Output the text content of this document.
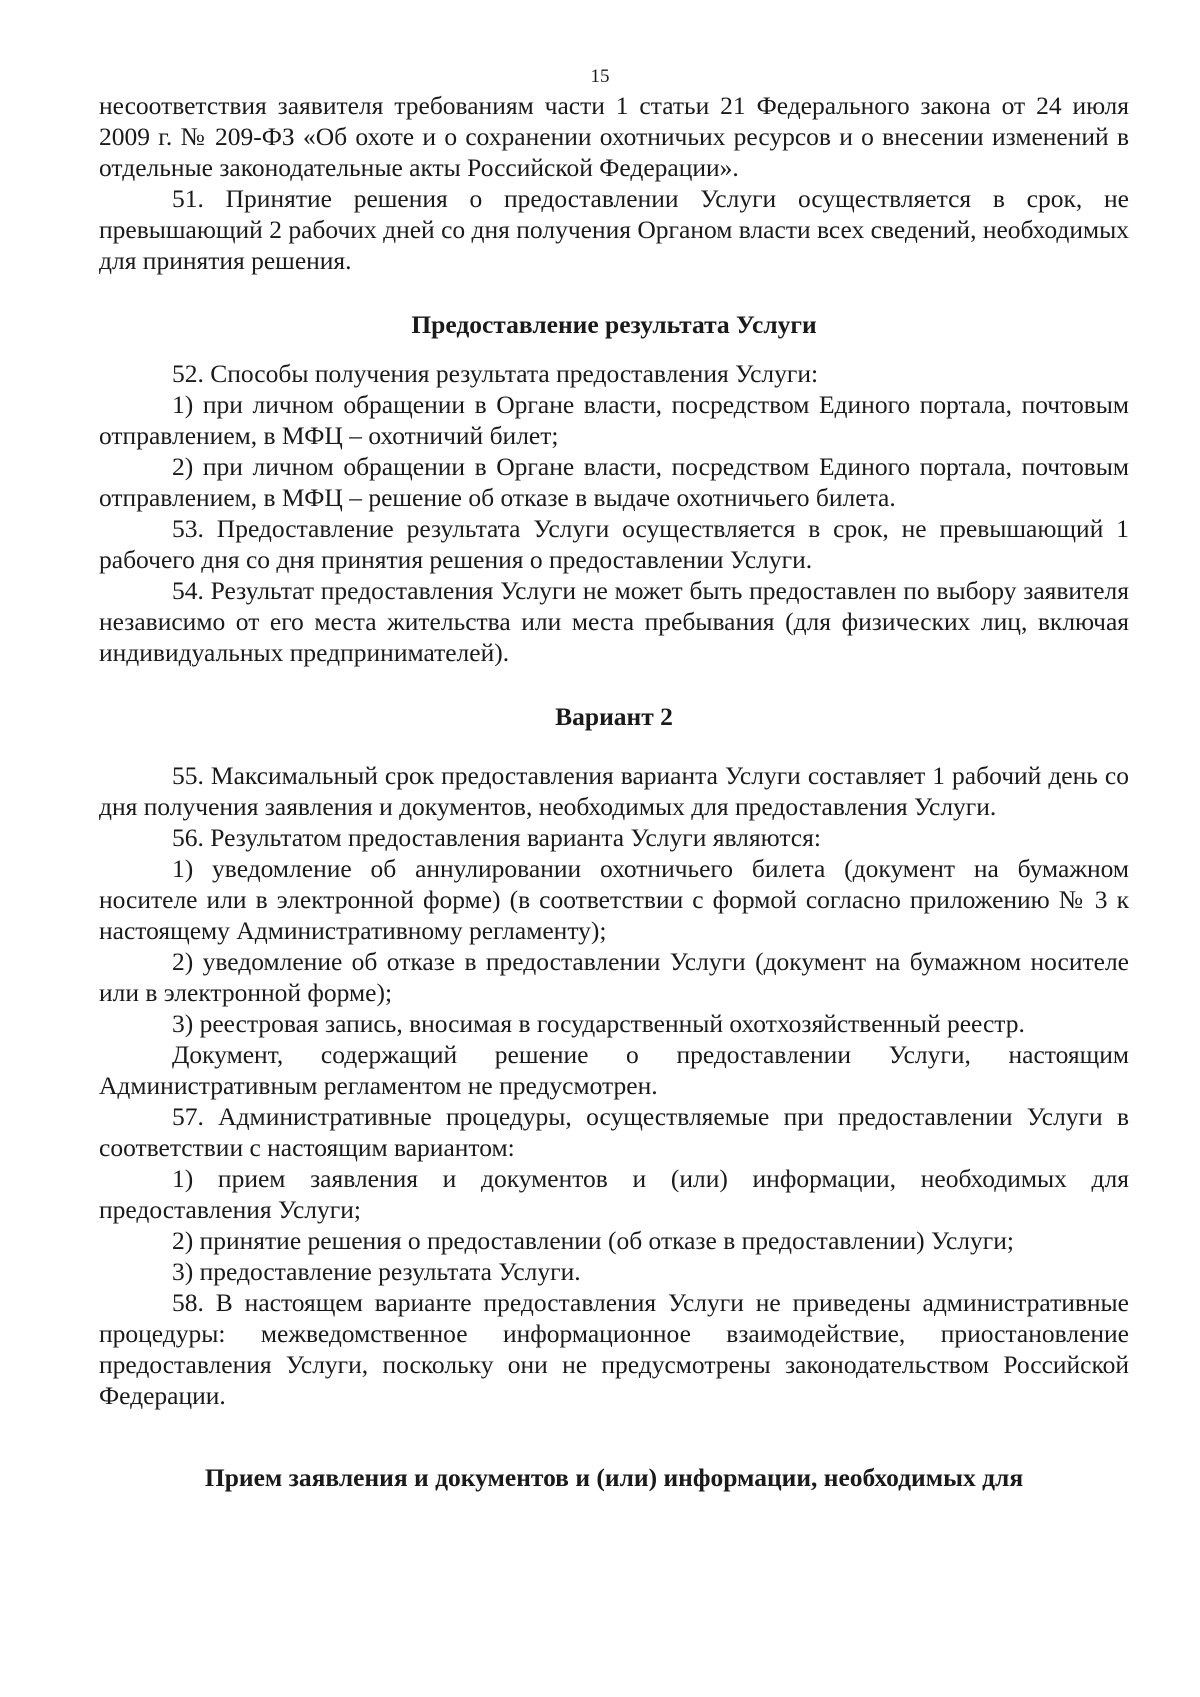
15

несоответствия заявителя требованиям части 1 статьи 21 Федерального закона от 24 июля 2009 г. № 209-ФЗ «Об охоте и о сохранении охотничьих ресурсов и о внесении изменений в отдельные законодательные акты Российской Федерации».

51. Принятие решения о предоставлении Услуги осуществляется в срок, не превышающий 2 рабочих дней со дня получения Органом власти всех сведений, необходимых для принятия решения.

Предоставление результата Услуги

52. Способы получения результата предоставления Услуги:

1) при личном обращении в Органе власти, посредством Единого портала, почтовым отправлением, в МФЦ – охотничий билет;

2) при личном обращении в Органе власти, посредством Единого портала, почтовым отправлением, в МФЦ – решение об отказе в выдаче охотничьего билета.

53. Предоставление результата Услуги осуществляется в срок, не превышающий 1 рабочего дня со дня принятия решения о предоставлении Услуги.

54. Результат предоставления Услуги не может быть предоставлен по выбору заявителя независимо от его места жительства или места пребывания (для физических лиц, включая индивидуальных предпринимателей).

Вариант 2

55. Максимальный срок предоставления варианта Услуги составляет 1 рабочий день со дня получения заявления и документов, необходимых для предоставления Услуги.

56. Результатом предоставления варианта Услуги являются:

1) уведомление об аннулировании охотничьего билета (документ на бумажном носителе или в электронной форме) (в соответствии с формой согласно приложению № 3 к настоящему Административному регламенту);

2) уведомление об отказе в предоставлении Услуги (документ на бумажном носителе или в электронной форме);

3) реестровая запись, вносимая в государственный охотхозяйственный реестр.

Документ, содержащий решение о предоставлении Услуги, настоящим Административным регламентом не предусмотрен.

57. Административные процедуры, осуществляемые при предоставлении Услуги в соответствии с настоящим вариантом:

1) прием заявления и документов и (или) информации, необходимых для предоставления Услуги;

2) принятие решения о предоставлении (об отказе в предоставлении) Услуги;

3) предоставление результата Услуги.

58. В настоящем варианте предоставления Услуги не приведены административные процедуры: межведомственное информационное взаимодействие, приостановление предоставления Услуги, поскольку они не предусмотрены законодательством Российской Федерации.

Прием заявления и документов и (или) информации, необходимых для
